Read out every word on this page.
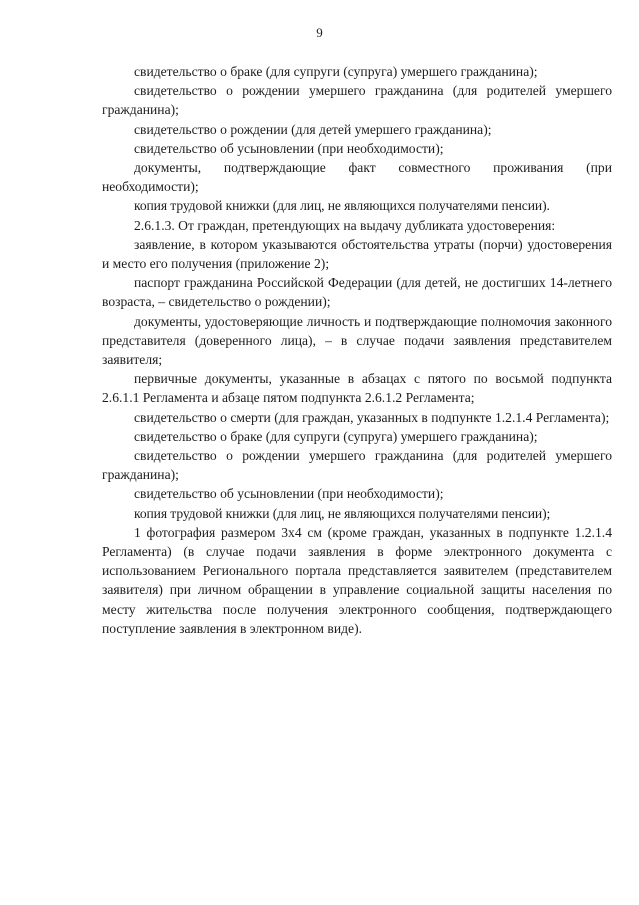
9

свидетельство о браке (для супруги (супруга) умершего гражданина);

свидетельство о рождении умершего гражданина (для родителей умершего гражданина);

свидетельство о рождении (для детей умершего гражданина);

свидетельство об усыновлении (при необходимости);

документы, подтверждающие факт совместного проживания (при необходимости);

копия трудовой книжки (для лиц, не являющихся получателями пенсии).

2.6.1.3. От граждан, претендующих на выдачу дубликата удостоверения:

заявление, в котором указываются обстоятельства утраты (порчи) удостоверения и место его получения (приложение 2);

паспорт гражданина Российской Федерации (для детей, не достигших 14-летнего возраста, – свидетельство о рождении);

документы, удостоверяющие личность и подтверждающие полномочия законного представителя (доверенного лица), – в случае подачи заявления представителем заявителя;

первичные документы, указанные в абзацах с пятого по восьмой подпункта 2.6.1.1 Регламента и абзаце пятом подпункта 2.6.1.2 Регламента;

свидетельство о смерти (для граждан, указанных в подпункте 1.2.1.4 Регламента);

свидетельство о браке (для супруги (супруга) умершего гражданина);

свидетельство о рождении умершего гражданина (для родителей умершего гражданина);

свидетельство об усыновлении (при необходимости);

копия трудовой книжки (для лиц, не являющихся получателями пенсии);

1 фотография размером 3х4 см (кроме граждан, указанных в подпункте 1.2.1.4 Регламента) (в случае подачи заявления в форме электронного документа с использованием Регионального портала представляется заявителем (представителем заявителя) при личном обращении в управление социальной защиты населения по месту жительства после получения электронного сообщения, подтверждающего поступление заявления в электронном виде).
